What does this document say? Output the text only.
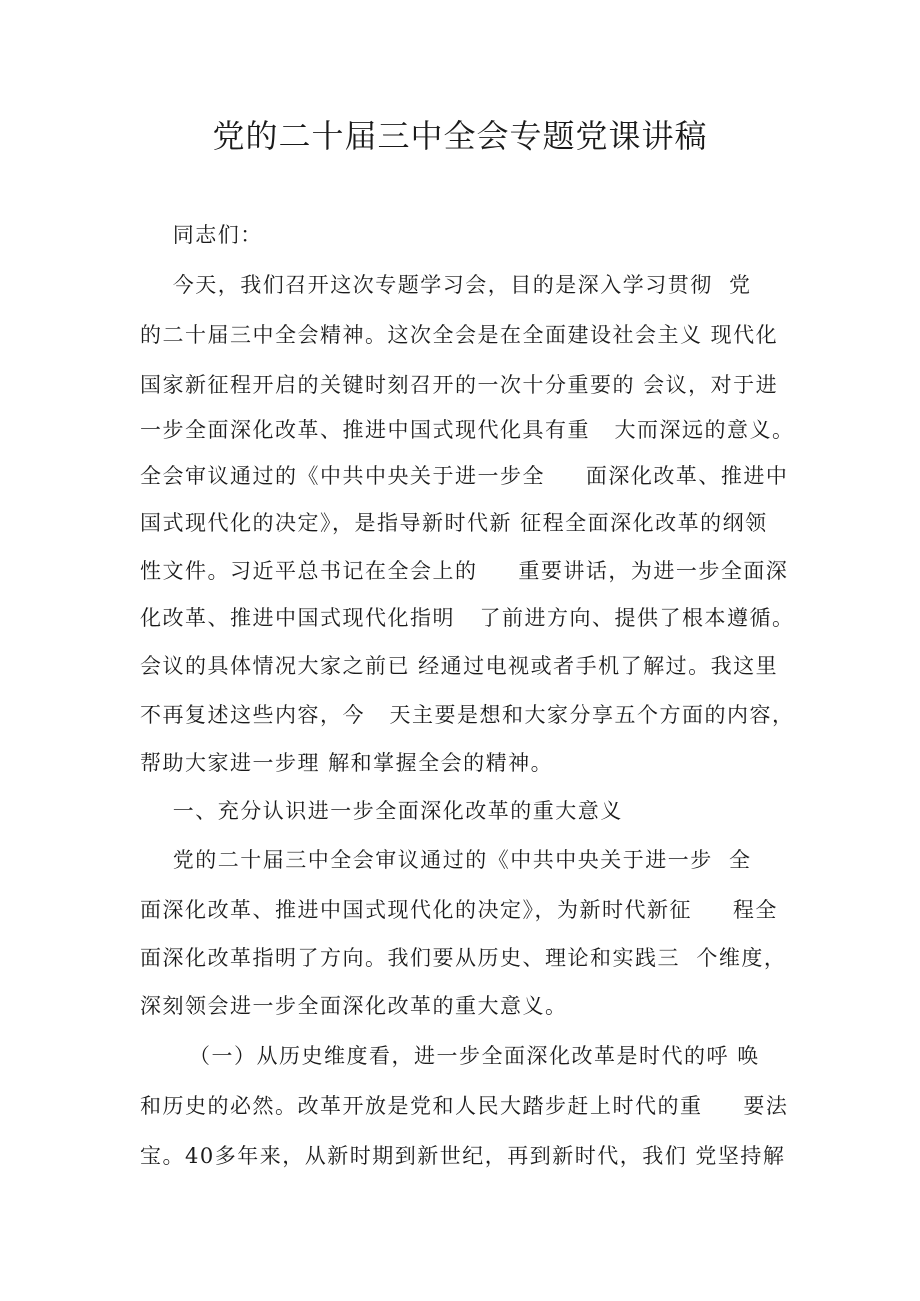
党的二十届三中全会专题党课讲稿
同志们：
今天，我们召开这次专题学习会，目的是深入学习贯彻  党
的二十届三中全会精神。这次全会是在全面建设社会主义 现代化
国家新征程开启的关键时刻召开的一次十分重要的 会议，对于进
一步全面深化改革、推进中国式现代化具有重   大而深远的意义。
全会审议通过的《中共中央关于进一步全     面深化改革、推进中
国式现代化的决定》，是指导新时代新 征程全面深化改革的纲领
性文件。习近平总书记在全会上的     重要讲话，为进一步全面深
化改革、推进中国式现代化指明   了前进方向、提供了根本遵循。
会议的具体情况大家之前已 经通过电视或者手机了解过。我这里
不再复述这些内容，今   天主要是想和大家分享五个方面的内容，
帮助大家进一步理 解和掌握全会的精神。
一、充分认识进一步全面深化改革的重大意义
党的二十届三中全会审议通过的《中共中央关于进一步  全
面深化改革、推进中国式现代化的决定》，为新时代新征     程全
面深化改革指明了方向。我们要从历史、理论和实践三  个维度，
深刻领会进一步全面深化改革的重大意义。
（一）从历史维度看，进一步全面深化改革是时代的呼 唤
和历史的必然。改革开放是党和人民大踏步赶上时代的重     要法
宝。40多年来，从新时期到新世纪，再到新时代，我们 党坚持解
